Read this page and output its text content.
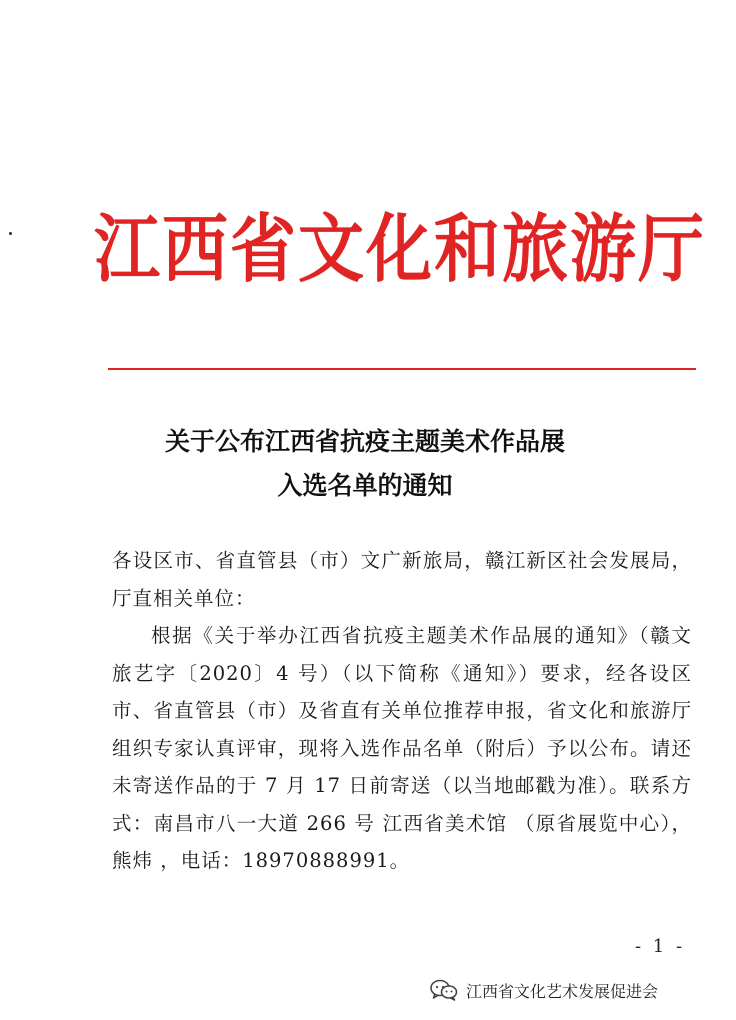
江西省文化和旅游厅
关于公布江西省抗疫主题美术作品展
入选名单的通知

各设区市、省直管县（市）文广新旅局，赣江新区社会发展局，厅直相关单位：

根据《关于举办江西省抗疫主题美术作品展的通知》（赣文旅艺字〔2020〕4 号）（以下简称《通知》）要求，经各设区市、省直管县（市）及省直有关单位推荐申报，省文化和旅游厅组织专家认真评审，现将入选作品名单（附后）予以公布。请还未寄送作品的于 7 月 17 日前寄送（以当地邮戳为准）。联系方式：南昌市八一大道 266 号 江西省美术馆 （原省展览中心），熊炜 ，电话：18970888991。

- 1 -
江西省文化艺术发展促进会
